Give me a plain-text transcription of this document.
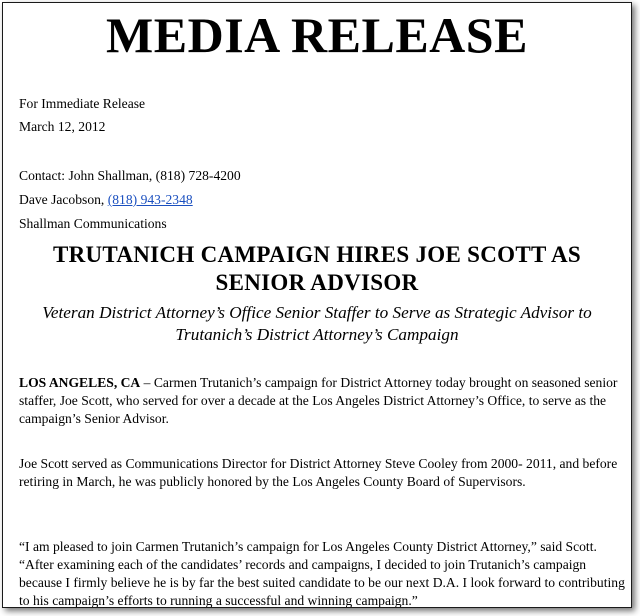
MEDIA RELEASE
For Immediate Release
March 12, 2012
Contact: John Shallman, (818) 728-4200
Dave Jacobson, (818) 943-2348
Shallman Communications
TRUTANICH CAMPAIGN HIRES JOE SCOTT AS
SENIOR ADVISOR
Veteran District Attorney’s Office Senior Staffer to Serve as Strategic Advisor to
Trutanich’s District Attorney’s Campaign
LOS ANGELES, CA – Carmen Trutanich’s campaign for District Attorney today brought on seasoned senior staffer, Joe Scott, who served for over a decade at the Los Angeles District Attorney’s Office, to serve as the campaign’s Senior Advisor.
Joe Scott served as Communications Director for District Attorney Steve Cooley from 2000- 2011, and before retiring in March, he was publicly honored by the Los Angeles County Board of Supervisors.
“I am pleased to join Carmen Trutanich’s campaign for Los Angeles County District Attorney,” said Scott. “After examining each of the candidates’ records and campaigns, I decided to join Trutanich’s campaign because I firmly believe he is by far the best suited candidate to be our next D.A. I look forward to contributing to his campaign’s efforts to running a successful and winning campaign.”
